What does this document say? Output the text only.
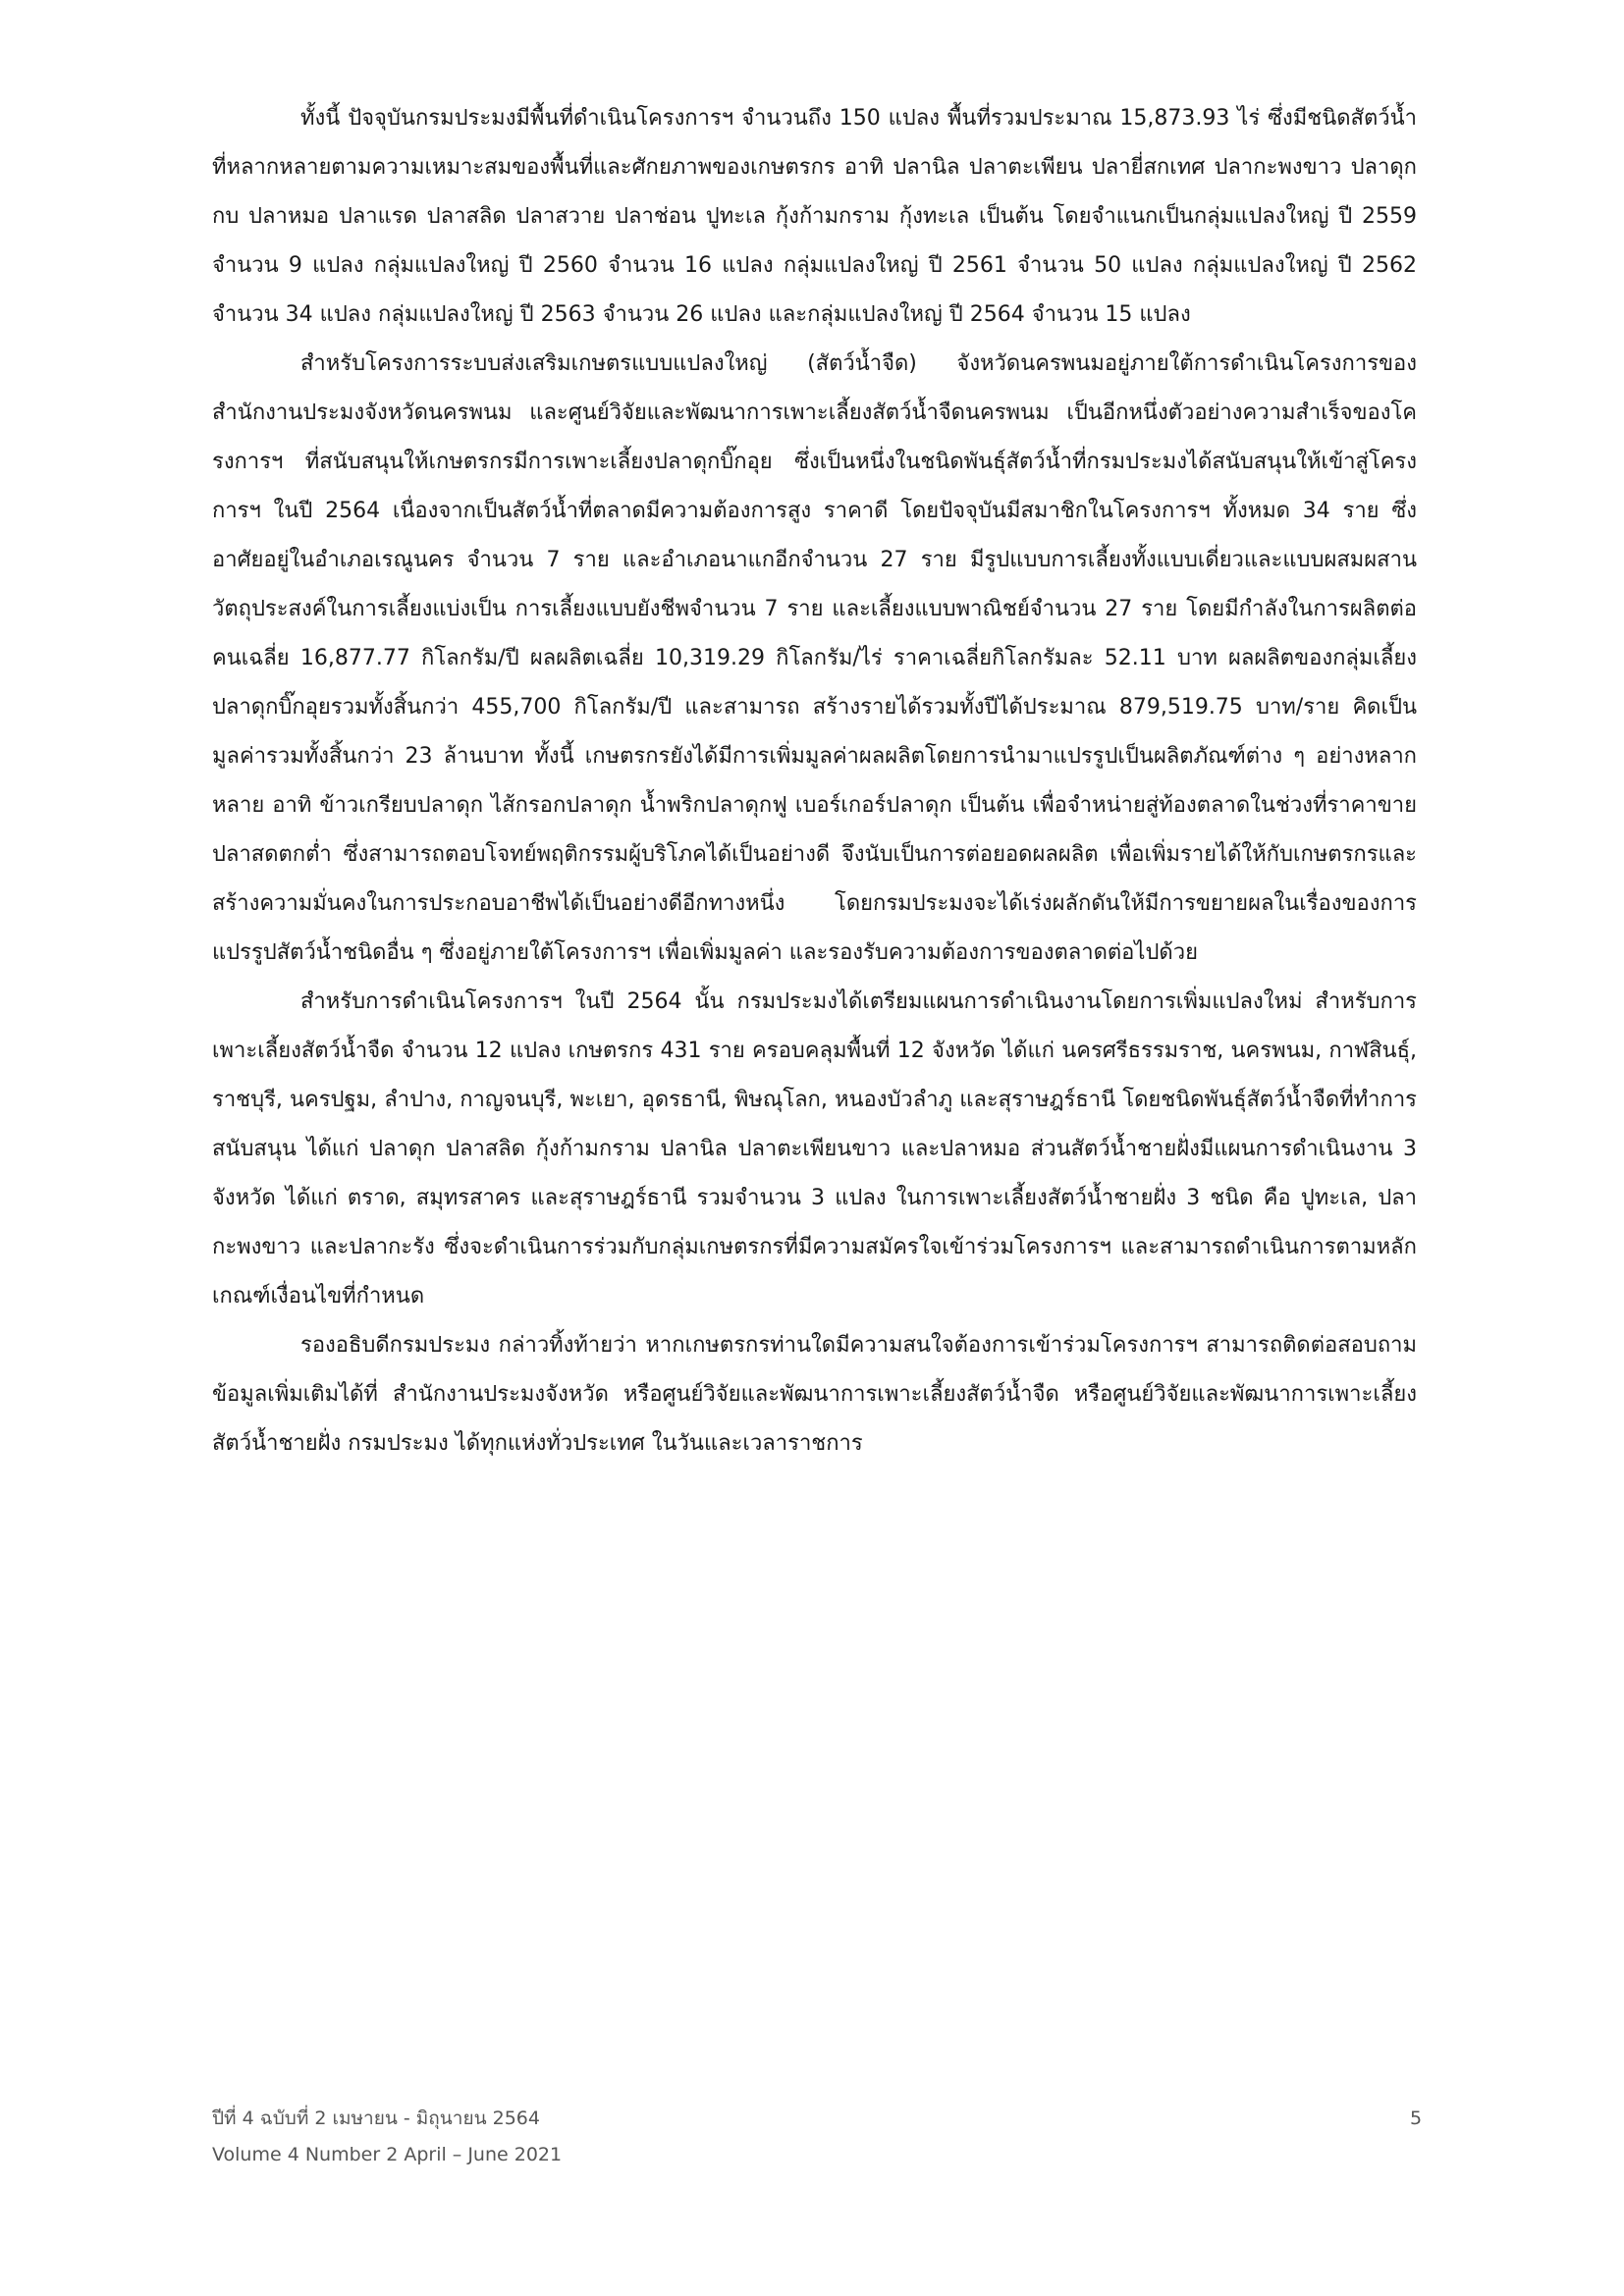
ทั้งนี้ ปัจจุบันกรมประมงมีพื้นที่ดำเนินโครงการฯ จำนวนถึง 150 แปลง พื้นที่รวมประมาณ 15,873.93 ไร่ ซึ่งมีชนิดสัตว์น้ำที่หลากหลายตามความเหมาะสมของพื้นที่และศักยภาพของเกษตรกร อาทิ ปลานิล ปลาตะเพียน ปลายี่สกเทศ ปลากะพงขาว ปลาดุก กบ ปลาหมอ ปลาแรด ปลาสลิด ปลาสวาย ปลาช่อน ปูทะเล กุ้งก้ามกราม กุ้งทะเล เป็นต้น โดยจำแนกเป็นกลุ่มแปลงใหญ่ ปี 2559 จำนวน 9 แปลง กลุ่มแปลงใหญ่ ปี 2560 จำนวน 16 แปลง กลุ่มแปลงใหญ่ ปี 2561 จำนวน 50 แปลง กลุ่มแปลงใหญ่ ปี 2562 จำนวน 34 แปลง กลุ่มแปลงใหญ่ ปี 2563 จำนวน 26 แปลง และกลุ่มแปลงใหญ่ ปี 2564 จำนวน 15 แปลง

สำหรับโครงการระบบส่งเสริมเกษตรแบบแปลงใหญ่ (สัตว์น้ำจืด) จังหวัดนครพนมอยู่ภายใต้การดำเนินโครงการของสำนักงานประมงจังหวัดนครพนม และศูนย์วิจัยและพัฒนาการเพาะเลี้ยงสัตว์น้ำจืดนครพนม เป็นอีกหนึ่งตัวอย่างความสำเร็จของโครงการฯ ที่สนับสนุนให้เกษตรกรมีการเพาะเลี้ยงปลาดุกบิ๊กอุย ซึ่งเป็นหนึ่งในชนิดพันธุ์สัตว์น้ำที่กรมประมงได้สนับสนุนให้เข้าสู่โครงการฯ ในปี 2564 เนื่องจากเป็นสัตว์น้ำที่ตลาดมีความต้องการสูง ราคาดี โดยปัจจุบันมีสมาชิกในโครงการฯ ทั้งหมด 34 ราย ซึ่งอาศัยอยู่ในอำเภอเรณูนคร จำนวน 7 ราย และอำเภอนาแกอีกจำนวน 27 ราย มีรูปแบบการเลี้ยงทั้งแบบเดี่ยวและแบบผสมผสาน วัตถุประสงค์ในการเลี้ยงแบ่งเป็น การเลี้ยงแบบยังชีพจำนวน 7 ราย และเลี้ยงแบบพาณิชย์จำนวน 27 ราย โดยมีกำลังในการผลิตต่อคนเฉลี่ย 16,877.77 กิโลกรัม/ปี ผลผลิตเฉลี่ย 10,319.29 กิโลกรัม/ไร่ ราคาเฉลี่ยกิโลกรัมละ 52.11 บาท ผลผลิตของกลุ่มเลี้ยงปลาดุกบิ๊กอุยรวมทั้งสิ้นกว่า 455,700 กิโลกรัม/ปี และสามารถ สร้างรายได้รวมทั้งปีได้ประมาณ 879,519.75 บาท/ราย คิดเป็นมูลค่ารวมทั้งสิ้นกว่า 23 ล้านบาท ทั้งนี้ เกษตรกรยังได้มีการเพิ่มมูลค่าผลผลิตโดยการนำมาแปรรูปเป็นผลิตภัณฑ์ต่าง ๆ อย่างหลากหลาย อาทิ ข้าวเกรียบปลาดุก ไส้กรอกปลาดุก น้ำพริกปลาดุกฟู เบอร์เกอร์ปลาดุก เป็นต้น เพื่อจำหน่ายสู่ท้องตลาดในช่วงที่ราคาขายปลาสดตกต่ำ ซึ่งสามารถตอบโจทย์พฤติกรรมผู้บริโภคได้เป็นอย่างดี จึงนับเป็นการต่อยอดผลผลิต เพื่อเพิ่มรายได้ให้กับเกษตรกรและสร้างความมั่นคงในการประกอบอาชีพได้เป็นอย่างดีอีกทางหนึ่ง โดยกรมประมงจะได้เร่งผลักดันให้มีการขยายผลในเรื่องของการแปรรูปสัตว์น้ำชนิดอื่น ๆ ซึ่งอยู่ภายใต้โครงการฯ เพื่อเพิ่มมูลค่า และรองรับความต้องการของตลาดต่อไปด้วย

สำหรับการดำเนินโครงการฯ ในปี 2564 นั้น กรมประมงได้เตรียมแผนการดำเนินงานโดยการเพิ่มแปลงใหม่ สำหรับการเพาะเลี้ยงสัตว์น้ำจืด จำนวน 12 แปลง เกษตรกร 431 ราย ครอบคลุมพื้นที่ 12 จังหวัด ได้แก่ นครศรีธรรมราช, นครพนม, กาฬสินธุ์, ราชบุรี, นครปฐม, ลำปาง, กาญจนบุรี, พะเยา, อุดรธานี, พิษณุโลก, หนองบัวลำภู และสุราษฎร์ธานี โดยชนิดพันธุ์สัตว์น้ำจืดที่ทำการสนับสนุน ได้แก่ ปลาดุก ปลาสลิด กุ้งก้ามกราม ปลานิล ปลาตะเพียนขาว และปลาหมอ ส่วนสัตว์น้ำชายฝั่งมีแผนการดำเนินงาน 3 จังหวัด ได้แก่ ตราด, สมุทรสาคร และสุราษฎร์ธานี รวมจำนวน 3 แปลง ในการเพาะเลี้ยงสัตว์น้ำชายฝั่ง 3 ชนิด คือ ปูทะเล, ปลากะพงขาว และปลากะรัง ซึ่งจะดำเนินการร่วมกับกลุ่มเกษตรกรที่มีความสมัครใจเข้าร่วมโครงการฯ และสามารถดำเนินการตามหลักเกณฑ์เงื่อนไขที่กำหนด

รองอธิบดีกรมประมง กล่าวทิ้งท้ายว่า หากเกษตรกรท่านใดมีความสนใจต้องการเข้าร่วมโครงการฯ สามารถติดต่อสอบถามข้อมูลเพิ่มเติมได้ที่ สำนักงานประมงจังหวัด หรือศูนย์วิจัยและพัฒนาการเพาะเลี้ยงสัตว์น้ำจืด หรือศูนย์วิจัยและพัฒนาการเพาะเลี้ยงสัตว์น้ำชายฝั่ง กรมประมง ได้ทุกแห่งทั่วประเทศ ในวันและเวลาราชการ

ปีที่ 4 ฉบับที่ 2 เมษายน - มิถุนายน 2564
Volume 4 Number 2 April – June 2021
5
